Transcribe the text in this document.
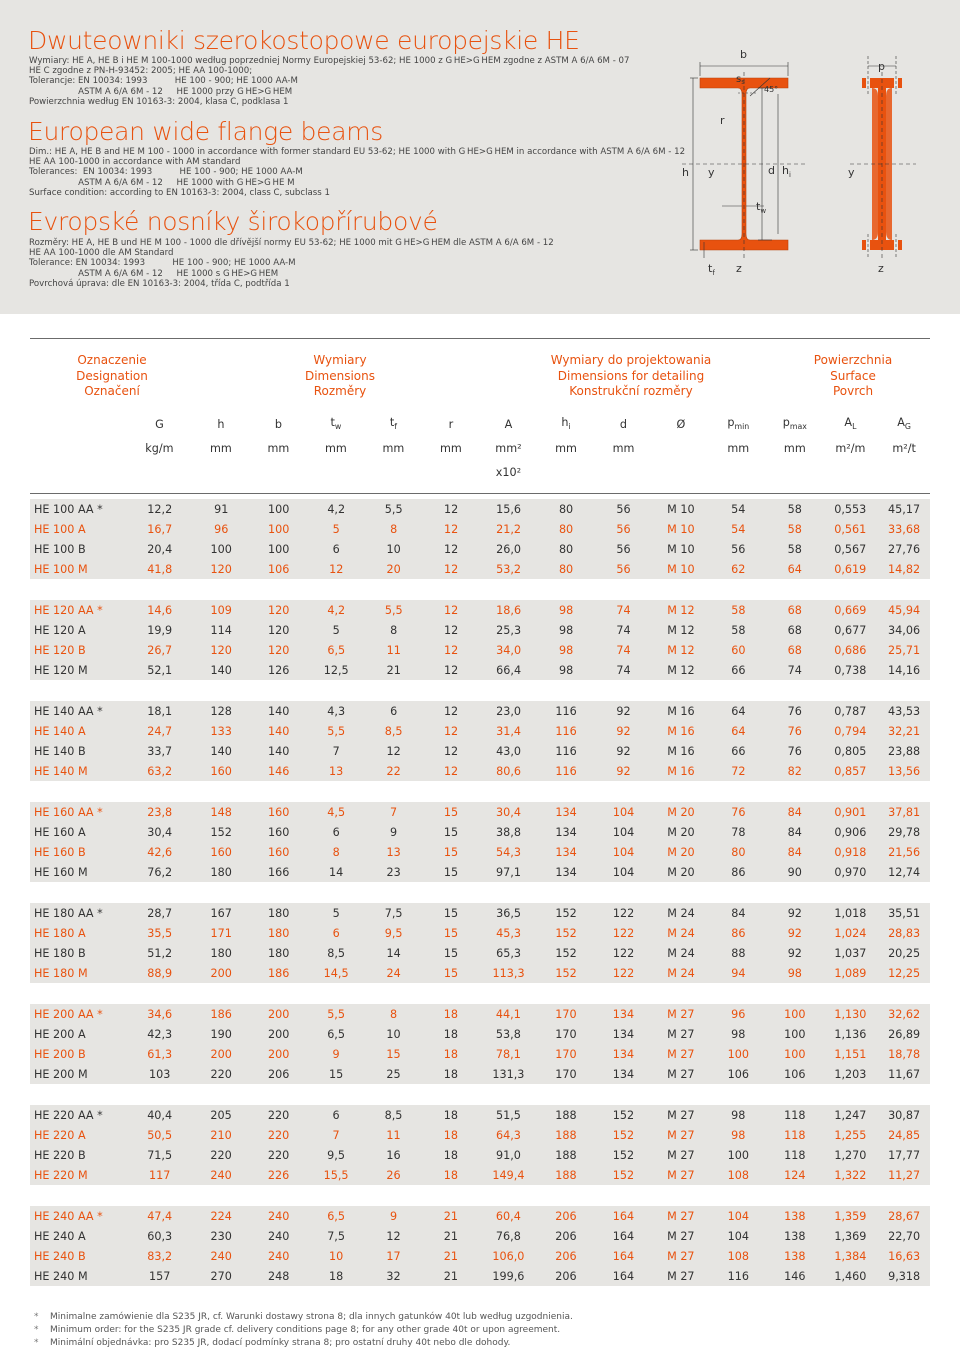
Dwuteowniki szerokostopowe europejskie HE
Wymiary: HE A, HE B i HE M 100-1000 według poprzedniej Normy Europejskiej 53-62; HE 1000 z G HE>G HEM zgodne z ASTM A 6/A 6M - 07
HE C zgodne z PN-H-93452: 2005; HE AA 100-1000;
Tolerancje: EN 10034: 1993          HE 100 - 900; HE 1000 AA-M
ASTM A 6/A 6M - 12     HE 1000 przy G HE>G HEM
Powierzchnia według EN 10163-3: 2004, klasa C, podklasa 1
European wide flange beams
Dim.: HE A, HE B and HE M 100 - 1000 in accordance with former standard EU 53-62; HE 1000 with G HE>G HEM in accordance with ASTM A 6/A 6M - 12
HE AA 100-1000 in accordance with AM standard
Tolerances:  EN 10034: 1993          HE 100 - 900; HE 1000 AA-M
ASTM A 6/A 6M - 12     HE 1000 with G HE>G HE M
Surface condition: according to EN 10163-3: 2004, class C, subclass 1
Evropské nosníky širokopřírubové
Rozměry: HE A, HE B und HE M 100 - 1000 dle dřívější normy EU 53-62; HE 1000 mit G HE>G HEM dle ASTM A 6/A 6M - 12
HE AA 100-1000 dle AM Standard
Tolerance: EN 10034: 1993          HE 100 - 900; HE 1000 AA-M
ASTM A 6/A 6M - 12     HE 1000 s G HE>G HEM
Povrchová úprava: dle EN 10163-3: 2004, třída C, podtřída 1
b
$s_s$
45°
r
h y	d $h_i$
$t_w$
$t_f$ z
p
y
z
Oznaczenie
Designation
Označení
Wymiary
Dimensions
Rozměry
Wymiary do projektowania
Dimensions for detailing
Konstrukční rozměry
Powierzchnia
Surface
Povrch
	G	h	b	$t_w$	$t_f$	r	A	$h_i$	d	Ø	$p_{min}$	$p_{max}$	$A_L$	$A_G$
	kg/m	mm	mm	mm	mm	mm	mm²	mm	mm		mm	mm	m²/m	m²/t
							x10²							
HE 100 AA *	12,2	91	100	4,2	5,5	12	15,6	80	56	M 10	54	58	0,553	45,17
HE 100 A	16,7	96	100	5	8	12	21,2	80	56	M 10	54	58	0,561	33,68
HE 100 B	20,4	100	100	6	10	12	26,0	80	56	M 10	56	58	0,567	27,76
HE 100 M	41,8	120	106	12	20	12	53,2	80	56	M 10	62	64	0,619	14,82
HE 120 AA *	14,6	109	120	4,2	5,5	12	18,6	98	74	M 12	58	68	0,669	45,94
HE 120 A	19,9	114	120	5	8	12	25,3	98	74	M 12	58	68	0,677	34,06
HE 120 B	26,7	120	120	6,5	11	12	34,0	98	74	M 12	60	68	0,686	25,71
HE 120 M	52,1	140	126	12,5	21	12	66,4	98	74	M 12	66	74	0,738	14,16
HE 140 AA *	18,1	128	140	4,3	6	12	23,0	116	92	M 16	64	76	0,787	43,53
HE 140 A	24,7	133	140	5,5	8,5	12	31,4	116	92	M 16	64	76	0,794	32,21
HE 140 B	33,7	140	140	7	12	12	43,0	116	92	M 16	66	76	0,805	23,88
HE 140 M	63,2	160	146	13	22	12	80,6	116	92	M 16	72	82	0,857	13,56
HE 160 AA *	23,8	148	160	4,5	7	15	30,4	134	104	M 20	76	84	0,901	37,81
HE 160 A	30,4	152	160	6	9	15	38,8	134	104	M 20	78	84	0,906	29,78
HE 160 B	42,6	160	160	8	13	15	54,3	134	104	M 20	80	84	0,918	21,56
HE 160 M	76,2	180	166	14	23	15	97,1	134	104	M 20	86	90	0,970	12,74
HE 180 AA *	28,7	167	180	5	7,5	15	36,5	152	122	M 24	84	92	1,018	35,51
HE 180 A	35,5	171	180	6	9,5	15	45,3	152	122	M 24	86	92	1,024	28,83
HE 180 B	51,2	180	180	8,5	14	15	65,3	152	122	M 24	88	92	1,037	20,25
HE 180 M	88,9	200	186	14,5	24	15	113,3	152	122	M 24	94	98	1,089	12,25
HE 200 AA *	34,6	186	200	5,5	8	18	44,1	170	134	M 27	96	100	1,130	32,62
HE 200 A	42,3	190	200	6,5	10	18	53,8	170	134	M 27	98	100	1,136	26,89
HE 200 B	61,3	200	200	9	15	18	78,1	170	134	M 27	100	100	1,151	18,78
HE 200 M	103	220	206	15	25	18	131,3	170	134	M 27	106	106	1,203	11,67
HE 220 AA *	40,4	205	220	6	8,5	18	51,5	188	152	M 27	98	118	1,247	30,87
HE 220 A	50,5	210	220	7	11	18	64,3	188	152	M 27	98	118	1,255	24,85
HE 220 B	71,5	220	220	9,5	16	18	91,0	188	152	M 27	100	118	1,270	17,77
HE 220 M	117	240	226	15,5	26	18	149,4	188	152	M 27	108	124	1,322	11,27
HE 240 AA *	47,4	224	240	6,5	9	21	60,4	206	164	M 27	104	138	1,359	28,67
HE 240 A	60,3	230	240	7,5	12	21	76,8	206	164	M 27	104	138	1,369	22,70
HE 240 B	83,2	240	240	10	17	21	106,0	206	164	M 27	108	138	1,384	16,63
HE 240 M	157	270	248	18	32	21	199,6	206	164	M 27	116	146	1,460	9,318
* Minimalne zamówienie dla S235 JR, cf. Warunki dostawy strona 8; dla innych gatunków 40t lub według uzgodnienia.
* Minimum order: for the S235 JR grade cf. delivery conditions page 8; for any other grade 40t or upon agreement.
* Minimální objednávka: pro S235 JR, dodací podmínky strana 8; pro ostatní druhy 40t nebo dle dohody.
